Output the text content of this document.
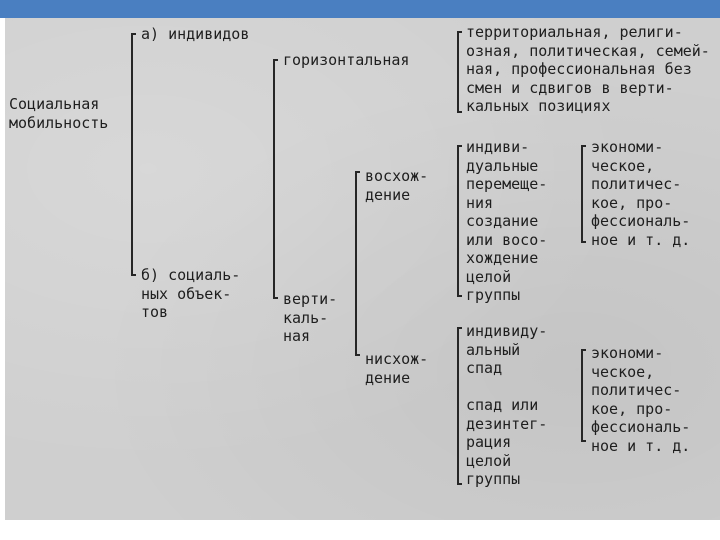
Социальная
мобильность
а) индивидов
б) социаль-
ных объек-
тов
горизонтальная
верти-
каль-
ная
восхож-
дение
нисхож-
дение
территориальная, религи-
озная, политическая, семей-
ная, профессиональная без
смен и сдвигов в верти-
кальных позициях
индиви-
дуальные
перемеще-
ния
создание
или восо-
хождение
целой
группы
индивиду-
альный
спад
спад или
дезинтег-
рация
целой
группы
экономи-
ческое,
политичес-
кое, про-
фессиональ-
ное и т. д.
экономи-
ческое,
политичес-
кое, про-
фессиональ-
ное и т. д.
